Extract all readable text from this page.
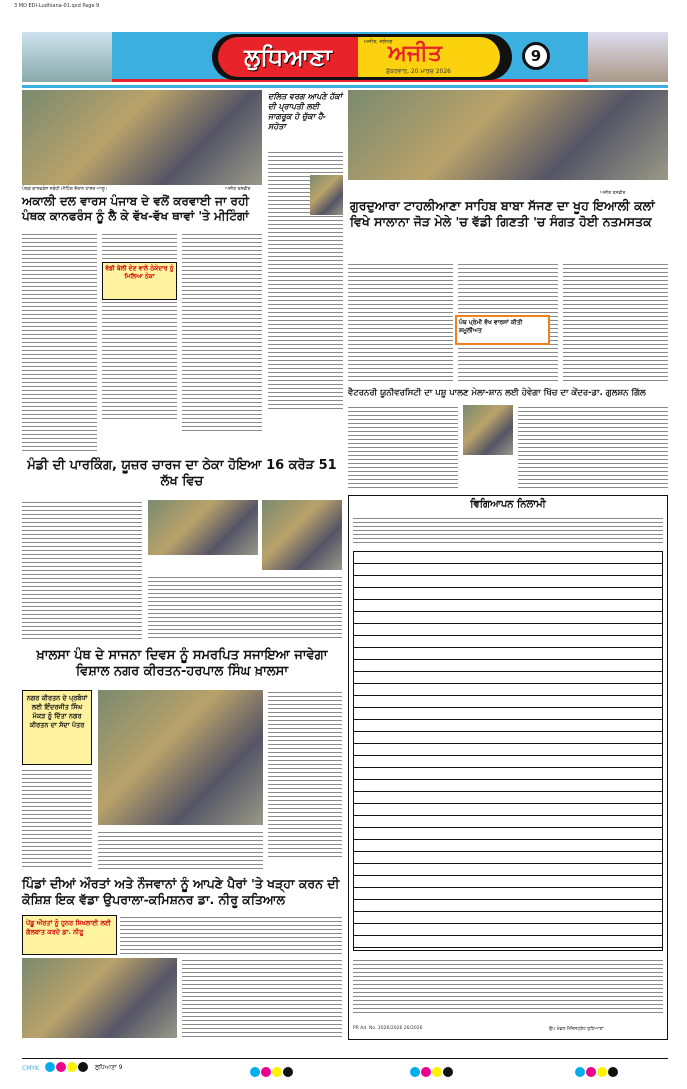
3 MD EDI-Ludhiana-01.qxd Page 9
ਲੁਧਿਆਣਾ
ਅਜੀਤ, ਜਲੰਧਰ
ਅਜੀਤ
ਸ਼ੁੱਕਰਵਾਰ, 20 ਮਾਰਚ 2026
9
ਪੰਥਕ ਕਾਨਫਰੰਸ ਸਬੰਧੀ ਮੀਟਿੰਗ ਦੌਰਾਨ ਹਾਜ਼ਰ ਆਗੂ।	ਅਜੀਤ ਤਸਵੀਰ
ਅਕਾਲੀ ਦਲ ਵਾਰਸ ਪੰਜਾਬ ਦੇ ਵਲੋਂ ਕਰਵਾਈ ਜਾ ਰਹੀ ਪੰਥਕ ਕਾਨਫਰੰਸ ਨੂੰ ਲੈ ਕੇ ਵੱਖ-ਵੱਖ ਥਾਵਾਂ 'ਤੇ ਮੀਟਿੰਗਾਂ
ਵੱਡੀ ਬੋਲੀ ਦੇਣ ਵਾਲੇ ਠੇਕੇਦਾਰ ਨੂੰ ਮਿਲਿਆ ਠੇਕਾ
ਦਲਿਤ ਵਰਗ ਆਪਣੇ ਹੱਕਾਂ ਦੀ ਪ੍ਰਾਪਤੀ ਲਈ ਜਾਗਰੂਕ ਹੋ ਚੁੱਕਾ ਹੈ-ਸਹੋਤਾ
ਅਜੀਤ ਤਸਵੀਰ
ਗੁਰਦੁਆਰਾ ਟਾਹਲੀਆਣਾ ਸਾਹਿਬ ਬਾਬਾ ਸੱਜਣ ਦਾ ਖੂਹ ਇਆਲੀ ਕਲਾਂ ਵਿਖੇ ਸਾਲਾਨਾ ਜੋੜ ਮੇਲੇ 'ਚ ਵੱਡੀ ਗਿਣਤੀ 'ਚ ਸੰਗਤ ਹੋਈ ਨਤਮਸਤਕ
ਪੰਥ ਪ੍ਰੇਮੀ ਵੱਖ ਵਾਰਸਾਂ ਕੀਤੀ ਸ਼ਮੂਲੀਅਤ
ਮੰਡੀ ਦੀ ਪਾਰਕਿੰਗ, ਯੂਜ਼ਰ ਚਾਰਜ ਦਾ ਠੇਕਾ ਹੋਇਆ 16 ਕਰੋੜ 51 ਲੱਖ ਵਿਚ
ਵੈਟਰਨਰੀ ਯੂਨੀਵਰਸਿਟੀ ਦਾ ਪਸ਼ੂ ਪਾਲਣ ਮੇਲਾ-ਸ਼ਾਨ ਲਈ ਹੋਵੇਗਾ ਖਿੱਚ ਦਾ ਕੇਂਦਰ-ਡਾ. ਗੁਲਸ਼ਨ ਗਿੱਲ
ਵਿਗਿਆਪਨ ਨਿਲਾਮੀ
PR Ad. No. 2026/2026 26/2026	ਉਪ ਮੰਡਲ ਮੈਜਿਸਟ੍ਰੇਟ ਲੁਧਿਆਣਾ
ਖ਼ਾਲਸਾ ਪੰਥ ਦੇ ਸਾਜਨਾ ਦਿਵਸ ਨੂੰ ਸਮਰਪਿਤ ਸਜਾਇਆ ਜਾਵੇਗਾ ਵਿਸ਼ਾਲ ਨਗਰ ਕੀਰਤਨ-ਹਰਪਾਲ ਸਿੰਘ ਖ਼ਾਲਸਾ
ਨਗਰ ਕੀਰਤਨ ਦੇ ਪ੍ਰਬੰਧਾਂ ਲਈ ਇੰਦਰਜੀਤ ਸਿੰਘ ਮੱਕੜ ਨੂੰ ਦਿੱਤਾ ਨਗਰ ਕੀਰਤਨ ਦਾ ਸੱਦਾ ਪੱਤਰ
ਪਿੰਡਾਂ ਦੀਆਂ ਔਰਤਾਂ ਅਤੇ ਨੌਜਵਾਨਾਂ ਨੂੰ ਆਪਣੇ ਪੈਰਾਂ 'ਤੇ ਖੜ੍ਹਾ ਕਰਨ ਦੀ ਕੋਸ਼ਿਸ਼ ਇਕ ਵੱਡਾ ਉਪਰਾਲਾ-ਕਮਿਸ਼ਨਰ ਡਾ. ਨੀਰੂ ਕਤਿਆਲ
ਪੇਂਡੂ ਔਰਤਾਂ ਨੂੰ ਹੁਨਰ ਸਿਖਲਾਈ ਲਈ ਗੱਲਬਾਤ ਕਰਦੇ ਡਾ. ਨੀਰੂ
CMYK	ਲੁਧਿਆਣਾ 9
